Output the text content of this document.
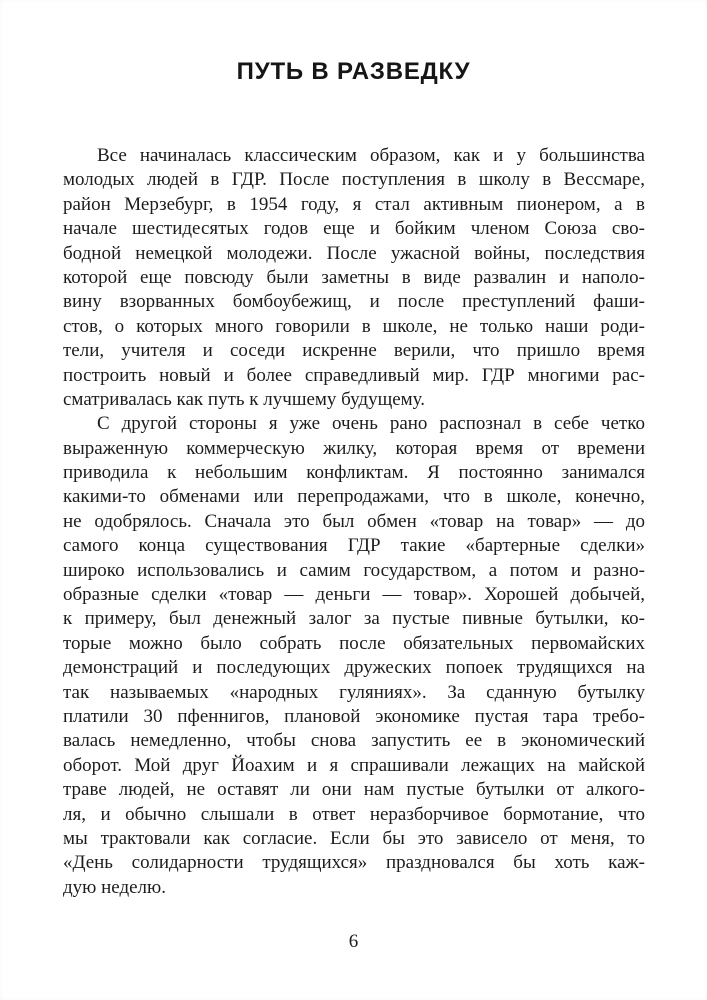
ПУТЬ В РАЗВЕДКУ
Все начиналась классическим образом, как и у большинства
молодых людей в ГДР. После поступления в школу в Вессмаре,
район Мерзебург, в 1954 году, я стал активным пионером, а в
начале шестидесятых годов еще и бойким членом Союза сво-
бодной немецкой молодежи. После ужасной войны, последствия
которой еще повсюду были заметны в виде развалин и наполо-
вину взорванных бомбоубежищ, и после преступлений фаши-
стов, о которых много говорили в школе, не только наши роди-
тели, учителя и соседи искренне верили, что пришло время
построить новый и более справедливый мир. ГДР многими рас-
сматривалась как путь к лучшему будущему.
С другой стороны я уже очень рано распознал в себе четко
выраженную коммерческую жилку, которая время от времени
приводила к небольшим конфликтам. Я постоянно занимался
какими-то обменами или перепродажами, что в школе, конечно,
не одобрялось. Сначала это был обмен «товар на товар» — до
самого конца существования ГДР такие «бартерные сделки»
широко использовались и самим государством, а потом и разно-
образные сделки «товар — деньги — товар». Хорошей добычей,
к примеру, был денежный залог за пустые пивные бутылки, ко-
торые можно было собрать после обязательных первомайских
демонстраций и последующих дружеских попоек трудящихся на
так называемых «народных гуляниях». За сданную бутылку
платили 30 пфеннигов, плановой экономике пустая тара требо-
валась немедленно, чтобы снова запустить ее в экономический
оборот. Мой друг Йоахим и я спрашивали лежащих на майской
траве людей, не оставят ли они нам пустые бутылки от алкого-
ля, и обычно слышали в ответ неразборчивое бормотание, что
мы трактовали как согласие. Если бы это зависело от меня, то
«День солидарности трудящихся» праздновался бы хоть каж-
дую неделю.
6
